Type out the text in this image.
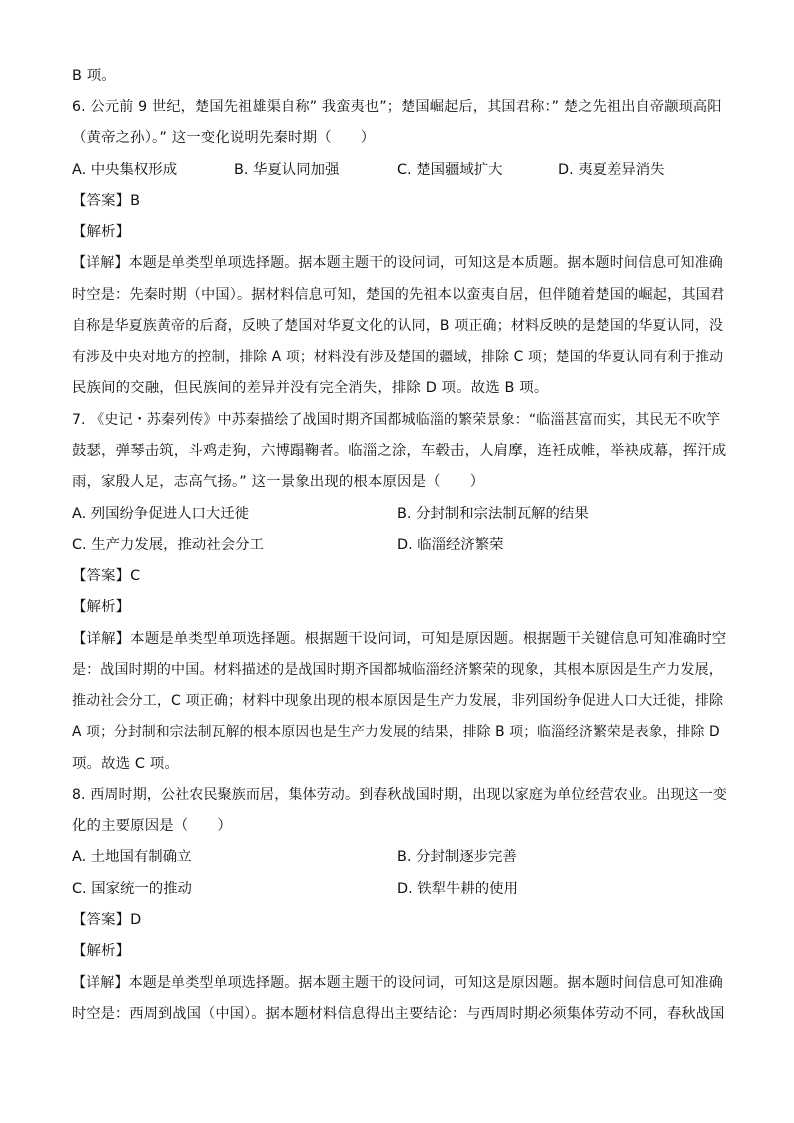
B 项。
6. 公元前 9 世纪，楚国先祖雄渠自称” 我蛮夷也”；楚国崛起后，其国君称：” 楚之先祖出自帝颛顼高阳
（黄帝之孙）。” 这一变化说明先秦时期（　　）
A. 中央集权形成	B. 华夏认同加强	C. 楚国疆域扩大	D. 夷夏差异消失
【答案】B
【解析】
【详解】本题是单类型单项选择题。据本题主题干的设问词，可知这是本质题。据本题时间信息可知准确
时空是：先秦时期（中国）。据材料信息可知，楚国的先祖本以蛮夷自居，但伴随着楚国的崛起，其国君
自称是华夏族黄帝的后裔，反映了楚国对华夏文化的认同，B 项正确；材料反映的是楚国的华夏认同，没
有涉及中央对地方的控制，排除 A 项；材料没有涉及楚国的疆域，排除 C 项；楚国的华夏认同有利于推动
民族间的交融，但民族间的差异并没有完全消失，排除 D 项。故选 B 项。
7. 《史记・苏秦列传》中苏秦描绘了战国时期齐国都城临淄的繁荣景象：“临淄甚富而实，其民无不吹竽
鼓瑟，弹琴击筑，斗鸡走狗，六博蹋鞠者。临淄之涂，车毂击，人肩摩，连衽成帷，举袂成幕，挥汗成
雨，家殷人足，志高气扬。” 这一景象出现的根本原因是（　　）
A. 列国纷争促进人口大迁徙	B. 分封制和宗法制瓦解的结果
C. 生产力发展，推动社会分工	D. 临淄经济繁荣
【答案】C
【解析】
【详解】本题是单类型单项选择题。根据题干设问词，可知是原因题。根据题干关键信息可知准确时空
是：战国时期的中国。材料描述的是战国时期齐国都城临淄经济繁荣的现象，其根本原因是生产力发展，
推动社会分工，C 项正确；材料中现象出现的根本原因是生产力发展，非列国纷争促进人口大迁徙，排除
A 项；分封制和宗法制瓦解的根本原因也是生产力发展的结果，排除 B 项；临淄经济繁荣是表象，排除 D
项。故选 C 项。
8. 西周时期，公社农民聚族而居，集体劳动。到春秋战国时期，出现以家庭为单位经营农业。出现这一变
化的主要原因是（　　）
A. 土地国有制确立	B. 分封制逐步完善
C. 国家统一的推动	D. 铁犁牛耕的使用
【答案】D
【解析】
【详解】本题是单类型单项选择题。据本题主题干的设问词，可知这是原因题。据本题时间信息可知准确
时空是：西周到战国（中国）。据本题材料信息得出主要结论：与西周时期必须集体劳动不同，春秋战国
